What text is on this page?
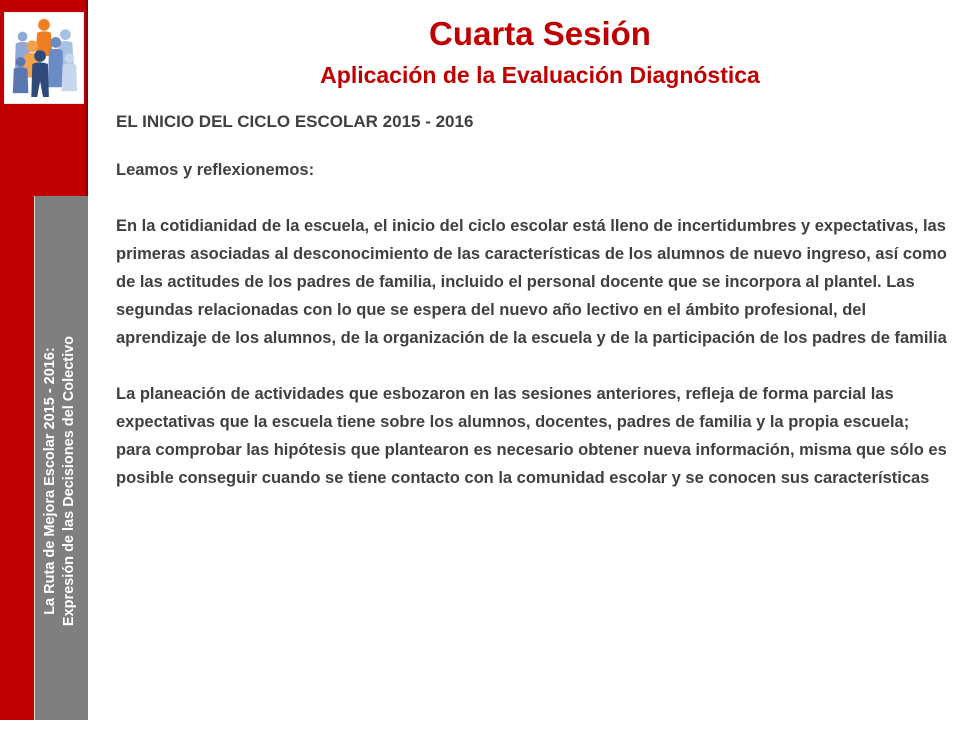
La Ruta de Mejora Escolar 2015 - 2016: Expresión de las Decisiones del Colectivo
Cuarta Sesión
Aplicación de la Evaluación Diagnóstica
EL INICIO DEL CICLO ESCOLAR 2015 - 2016

Leamos y reflexionemos:

En la cotidianidad de la escuela, el inicio del ciclo escolar está lleno de incertidumbres y expectativas, las primeras asociadas al desconocimiento de las características de los alumnos de nuevo ingreso, así como de las actitudes de los padres de familia, incluido el personal docente que se incorpora al plantel. Las segundas relacionadas con lo que se espera del nuevo año lectivo en el ámbito profesional, del aprendizaje de los alumnos, de la organización de la escuela y de la participación de los padres de familia

La planeación de actividades que esbozaron en las sesiones anteriores, refleja de forma parcial las expectativas que la escuela tiene sobre los alumnos, docentes, padres de familia y la propia escuela; para comprobar las hipótesis que plantearon es necesario obtener nueva información, misma que sólo es posible conseguir cuando se tiene contacto con la comunidad escolar y se conocen sus características
